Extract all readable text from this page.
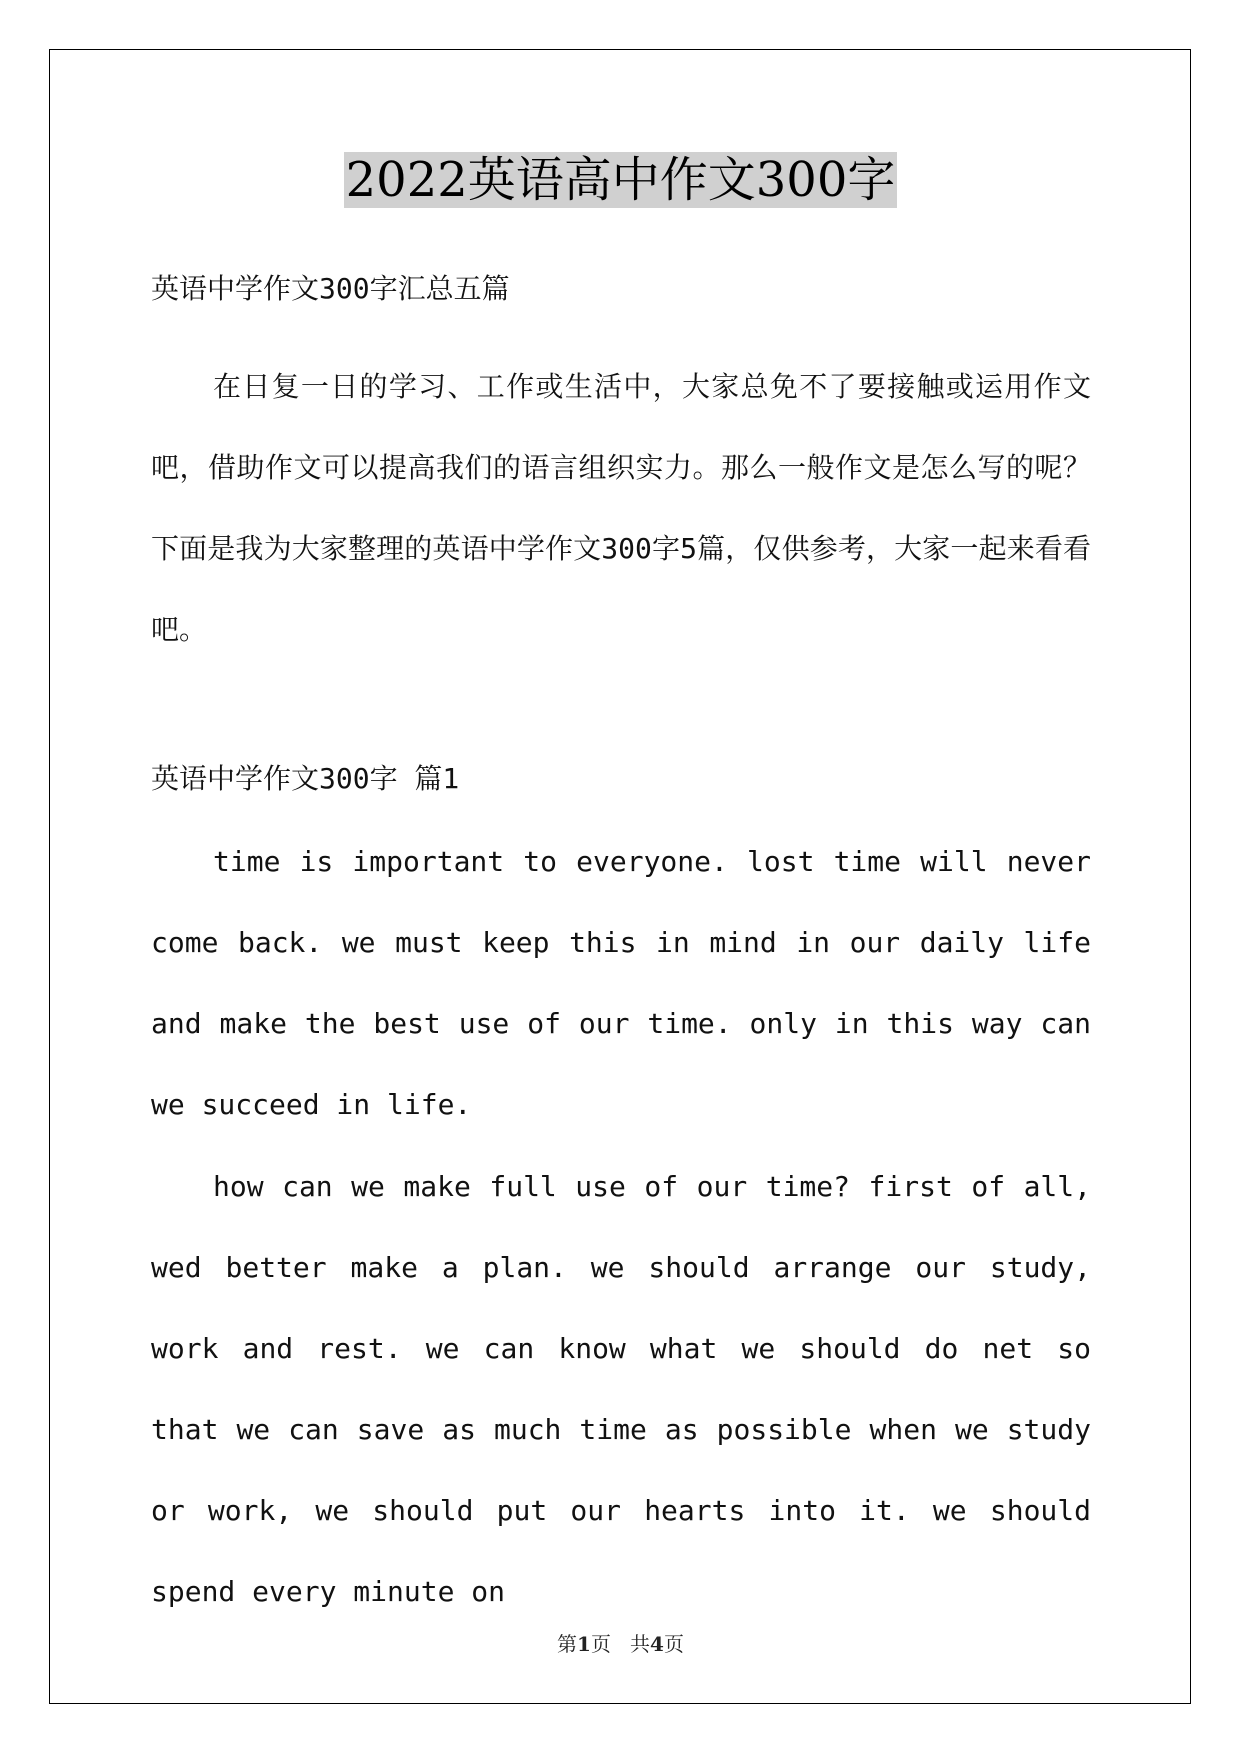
2022英语高中作文300字

英语中学作文300字汇总五篇

在日复一日的学习、工作或生活中，大家总免不了要接触或运用作文吧，借助作文可以提高我们的语言组织实力。那么一般作文是怎么写的呢？下面是我为大家整理的英语中学作文300字5篇，仅供参考，大家一起来看看吧。

英语中学作文300字 篇1

time is important to everyone. lost time will never come back. we must keep this in mind in our daily life and make the best use of our time. only in this way can we succeed in life.

how can we make full use of our time? first of all, wed better make a plan. we should arrange our study, work and rest. we can know what we should do net so that we can save as much time as possible when we study or work, we should put our hearts into it. we should spend every minute on

第1页 共4页
